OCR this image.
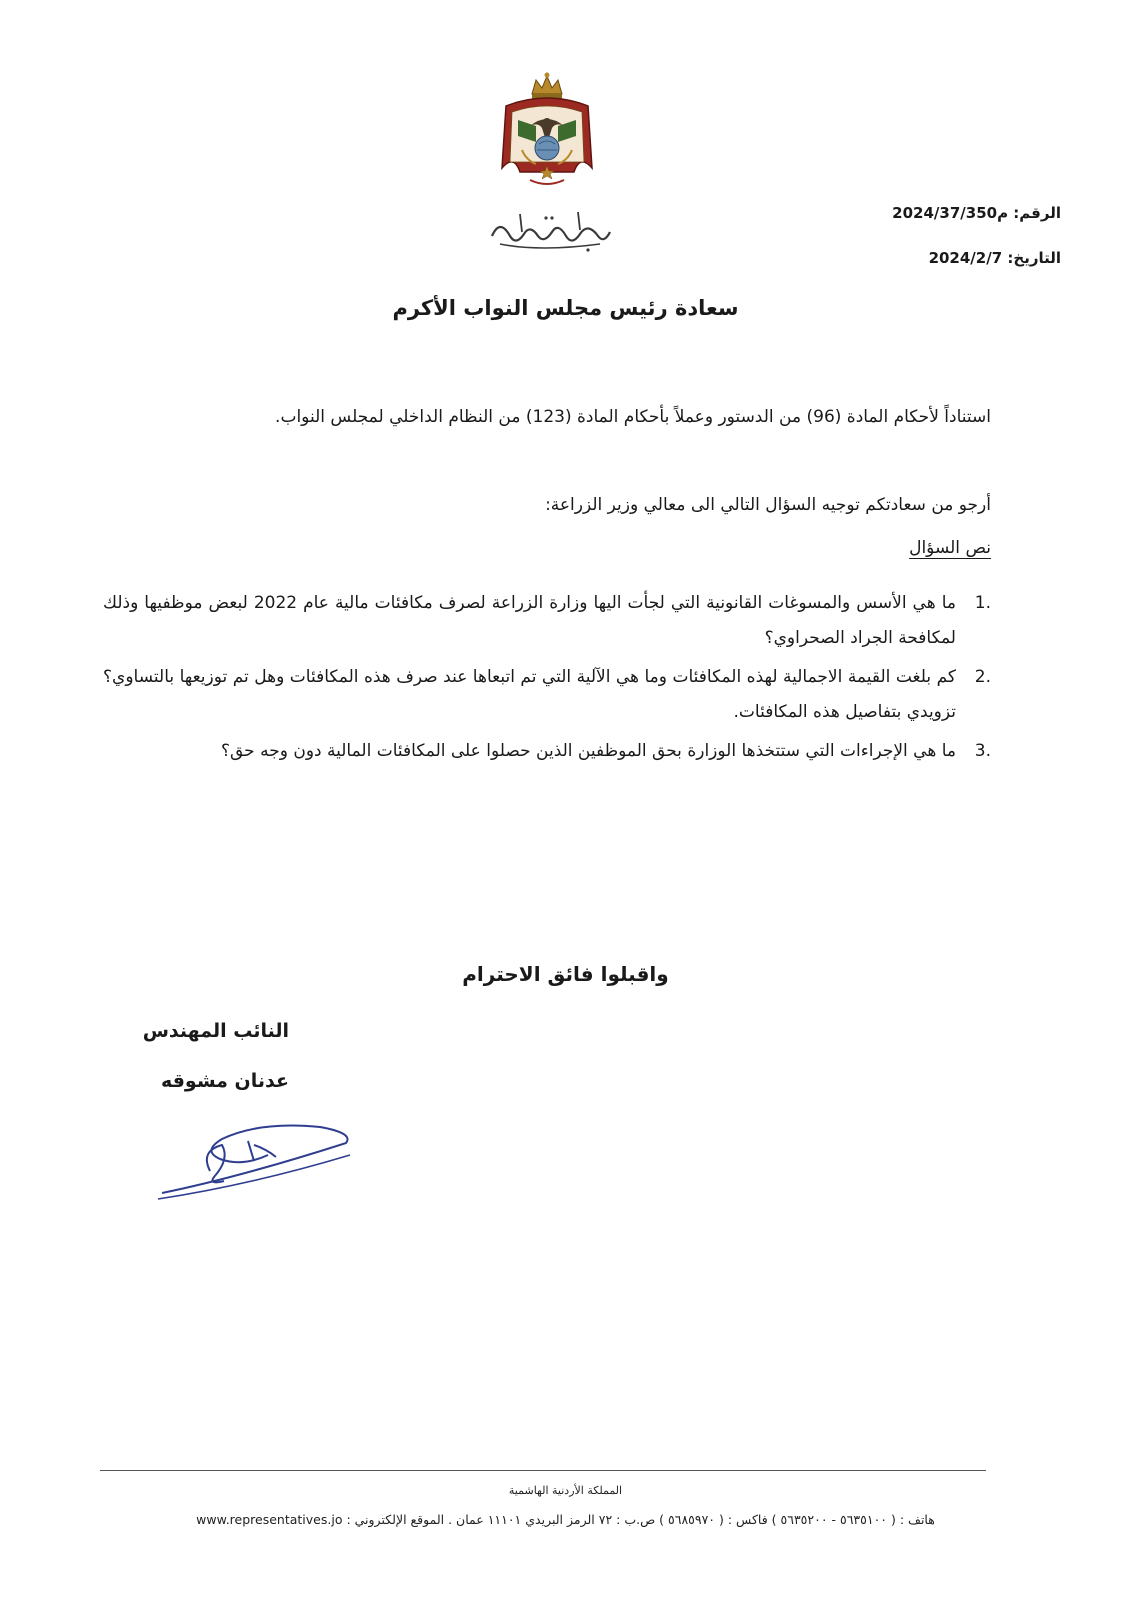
الرقم: م2024/37/350
التاريخ: 2024/2/7
سعادة رئيس مجلس النواب الأكرم
استناداً لأحكام المادة (96) من الدستور وعملاً بأحكام المادة (123) من النظام الداخلي لمجلس النواب.
أرجو من سعادتكم توجيه السؤال التالي الى معالي وزير الزراعة:
نص السؤال
1.
ما هي الأسس والمسوغات القانونية التي لجأت اليها وزارة الزراعة لصرف مكافئات مالية عام 2022 لبعض موظفيها وذلك لمكافحة الجراد الصحراوي؟
2.
كم بلغت القيمة الاجمالية لهذه المكافئات وما هي الآلية التي تم اتبعاها عند صرف هذه المكافئات وهل تم توزيعها بالتساوي؟ تزويدي بتفاصيل هذه المكافئات.
3.
ما هي الإجراءات التي ستتخذها الوزارة بحق الموظفين الذين حصلوا على المكافئات المالية دون وجه حق؟
واقبلوا فائق الاحترام
النائب المهندس
عدنان مشوقه
المملكة الأردنية الهاشمية
هاتف : ( ٥٦٣٥١٠٠ - ٥٦٣٥٢٠٠ ) فاكس : ( ٥٦٨٥٩٧٠ ) ص.ب : ٧٢ الرمز البريدي ١١١٠١ عمان . الموقع الإلكتروني : www.representatives.jo
